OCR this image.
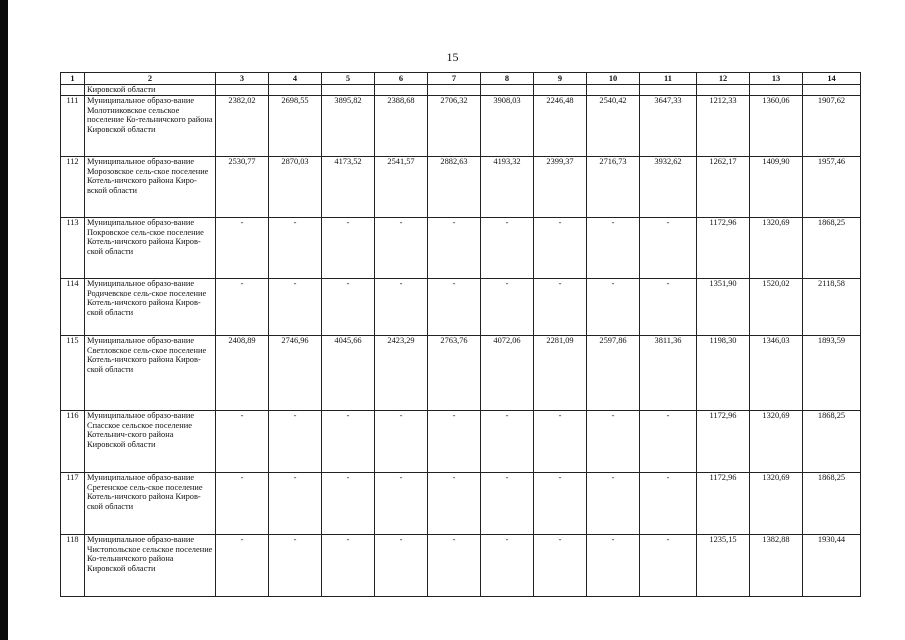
15
1	2	3	4	5	6	7	8	9	10	11	12	13	14
	Кировской области												
111	Муниципальное образо-вание Молотниковское сельское поселение Ко-тельничского района Кировской области	2382,02	2698,55	3895,82	2388,68	2706,32	3908,03	2246,48	2540,42	3647,33	1212,33	1360,06	1907,62
112	Муниципальное образо-вание Морозовское сель-ское поселение Котель-ничского района Киро-вской области	2530,77	2870,03	4173,52	2541,57	2882,63	4193,32	2399,37	2716,73	3932,62	1262,17	1409,90	1957,46
113	Муниципальное образо-вание Покровское сель-ское поселение Котель-ничского района Киров-ской области	-	-	-	-	-	-	-	-	-	1172,96	1320,69	1868,25
114	Муниципальное образо-вание Родичевское сель-ское поселение Котель-ничского района Киров-ской области	-	-	-	-	-	-	-	-	-	1351,90	1520,02	2118,58
115	Муниципальное образо-вание Светловское сель-ское поселение Котель-ничского района Киров-ской области	2408,89	2746,96	4045,66	2423,29	2763,76	4072,06	2281,09	2597,86	3811,36	1198,30	1346,03	1893,59
116	Муниципальное образо-вание Спасское сельское поселение Котельнич-ского района Кировской области	-	-	-	-	-	-	-	-	-	1172,96	1320,69	1868,25
117	Муниципальное образо-вание Сретенское сель-ское поселение Котель-ничского района Киров-ской области	-	-	-	-	-	-	-	-	-	1172,96	1320,69	1868,25
118	Муниципальное образо-вание Чистопольское сельское поселение Ко-тельничского района Кировской области	-	-	-	-	-	-	-	-	-	1235,15	1382,88	1930,44
